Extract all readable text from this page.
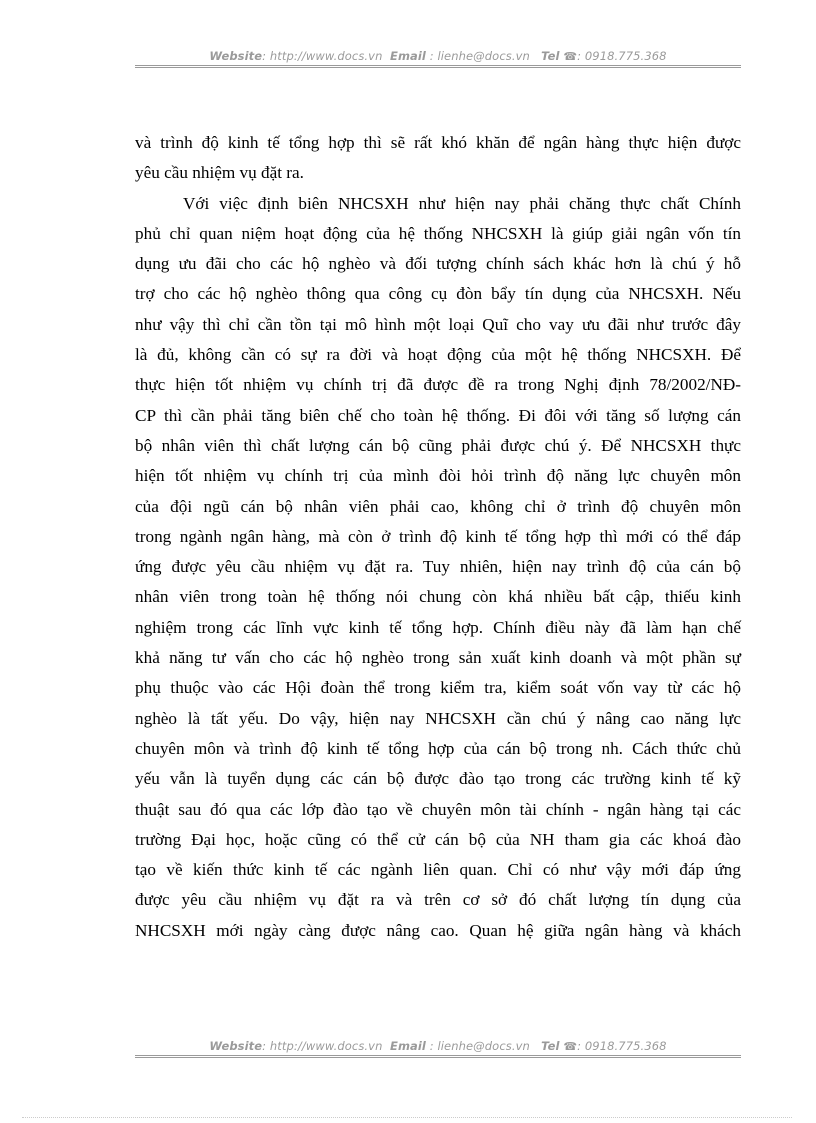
Website: http://www.docs.vn Email : lienhe@docs.vn Tel ☎: 0918.775.368
và trình độ kinh tế tổng hợp thì sẽ rất khó khăn để ngân hàng thực hiện được
yêu cầu nhiệm vụ đặt ra.
Với việc định biên NHCSXH như hiện nay phải chăng thực chất Chính
phủ chỉ quan niệm hoạt động của hệ thống NHCSXH là giúp giải ngân vốn tín
dụng ưu đãi cho các hộ nghèo và đối tượng chính sách khác hơn là chú ý hỗ
trợ cho các hộ nghèo thông qua công cụ đòn bẩy tín dụng của NHCSXH. Nếu
như vậy thì chỉ cần tồn tại mô hình một loại Quĩ cho vay ưu đãi như trước đây
là đủ, không cần có sự ra đời và hoạt động của một hệ thống NHCSXH. Để
thực hiện tốt nhiệm vụ chính trị đã được đề ra trong Nghị định 78/2002/NĐ-
CP thì cần phải tăng biên chế cho toàn hệ thống. Đi đôi với tăng số lượng cán
bộ nhân viên thì chất lượng cán bộ cũng phải được chú ý. Để NHCSXH thực
hiện tốt nhiệm vụ chính trị của mình đòi hỏi trình độ năng lực chuyên môn
của đội ngũ cán bộ nhân viên phải cao, không chỉ ở trình độ chuyên môn
trong ngành ngân hàng, mà còn ở trình độ kinh tế tổng hợp thì mới có thể đáp
ứng được yêu cầu nhiệm vụ đặt ra. Tuy nhiên, hiện nay trình độ của cán bộ
nhân viên trong toàn hệ thống nói chung còn khá nhiều bất cập, thiếu kinh
nghiệm trong các lĩnh vực kinh tế tổng hợp. Chính điều này đã làm hạn chế
khả năng tư vấn cho các hộ nghèo trong sản xuất kinh doanh và một phần sự
phụ thuộc vào các Hội đoàn thể trong kiểm tra, kiểm soát vốn vay từ các hộ
nghèo là tất yếu. Do vậy, hiện nay NHCSXH cần chú ý nâng cao năng lực
chuyên môn và trình độ kinh tế tổng hợp của cán bộ trong nh. Cách thức chủ
yếu vẫn là tuyển dụng các cán bộ được đào tạo trong các trường kinh tế kỹ
thuật sau đó qua các lớp đào tạo về chuyên môn tài chính - ngân hàng tại các
trường Đại học, hoặc cũng có thể cử cán bộ của NH tham gia các khoá đào
tạo về kiến thức kinh tế các ngành liên quan. Chỉ có như vậy mới đáp ứng
được yêu cầu nhiệm vụ đặt ra và trên cơ sở đó chất lượng tín dụng của
NHCSXH mới ngày càng được nâng cao. Quan hệ giữa ngân hàng và khách
Website: http://www.docs.vn Email : lienhe@docs.vn Tel ☎: 0918.775.368
